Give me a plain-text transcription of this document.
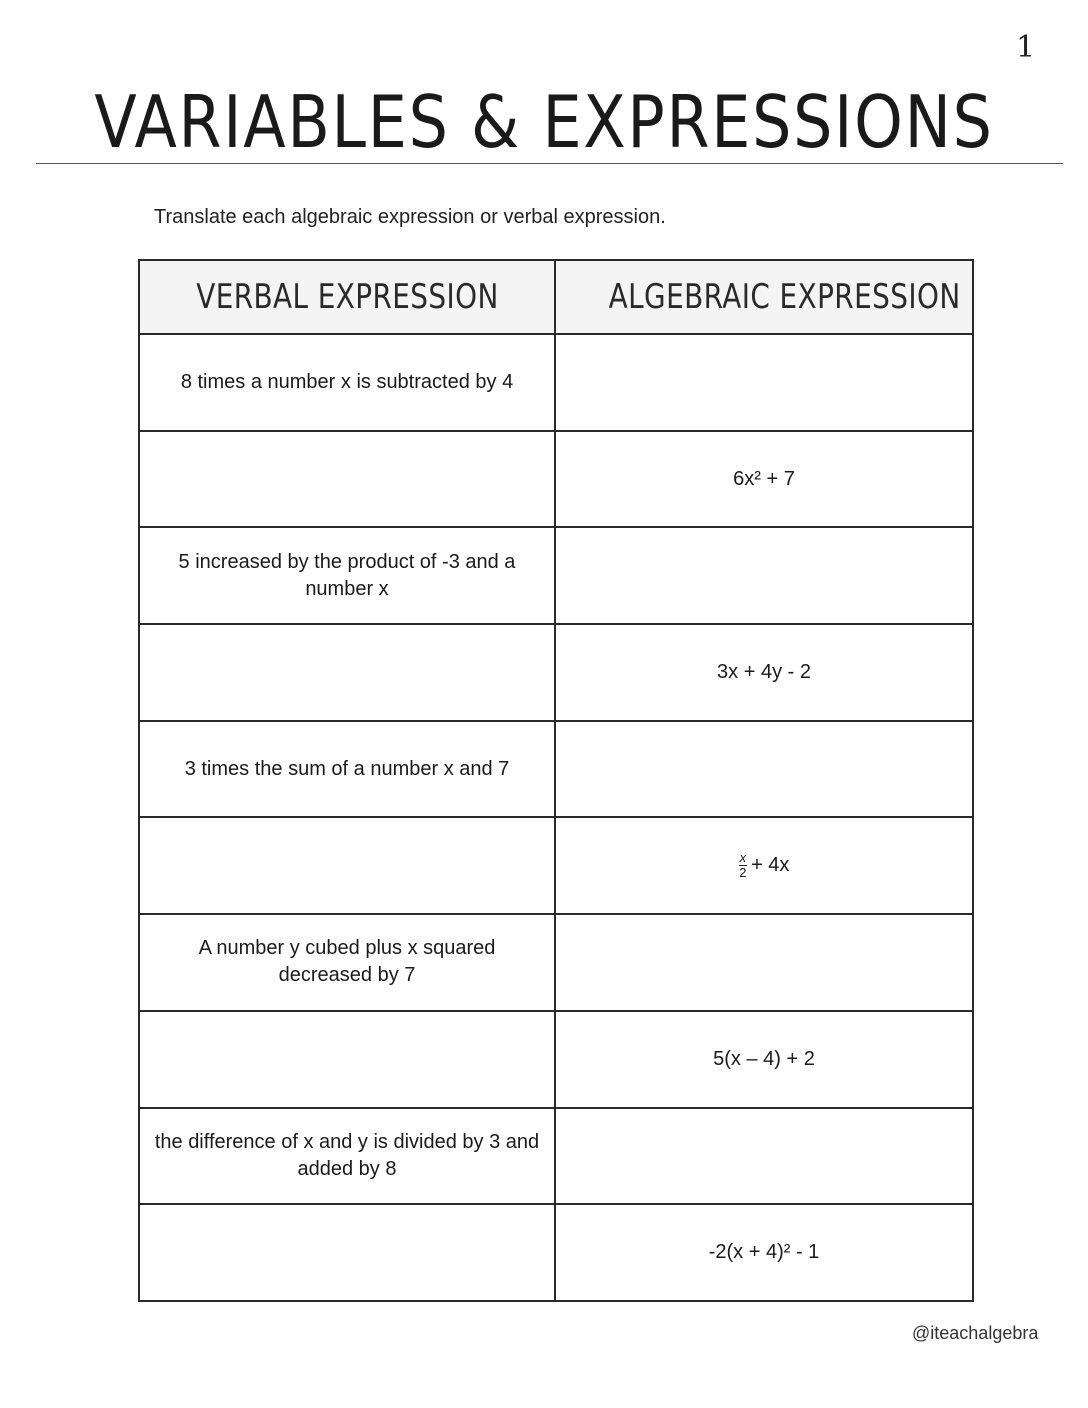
1
VARIABLES & EXPRESSIONS
Translate each algebraic expression or verbal expression.
VERBAL EXPRESSION	ALGEBRAIC EXPRESSION
8 times a number x is subtracted by 4	
	6x² + 7
5 increased by the product of -3 and a number x	
	3x + 4y - 2
3 times the sum of a number x and 7	

	$\frac{x}{2} + 4x$
A number y cubed plus x squared decreased by 7	
	5(x – 4) + 2
the difference of x and y is divided by 3 and added by 8	
	-2(x + 4)² - 1
@iteachalgebra
